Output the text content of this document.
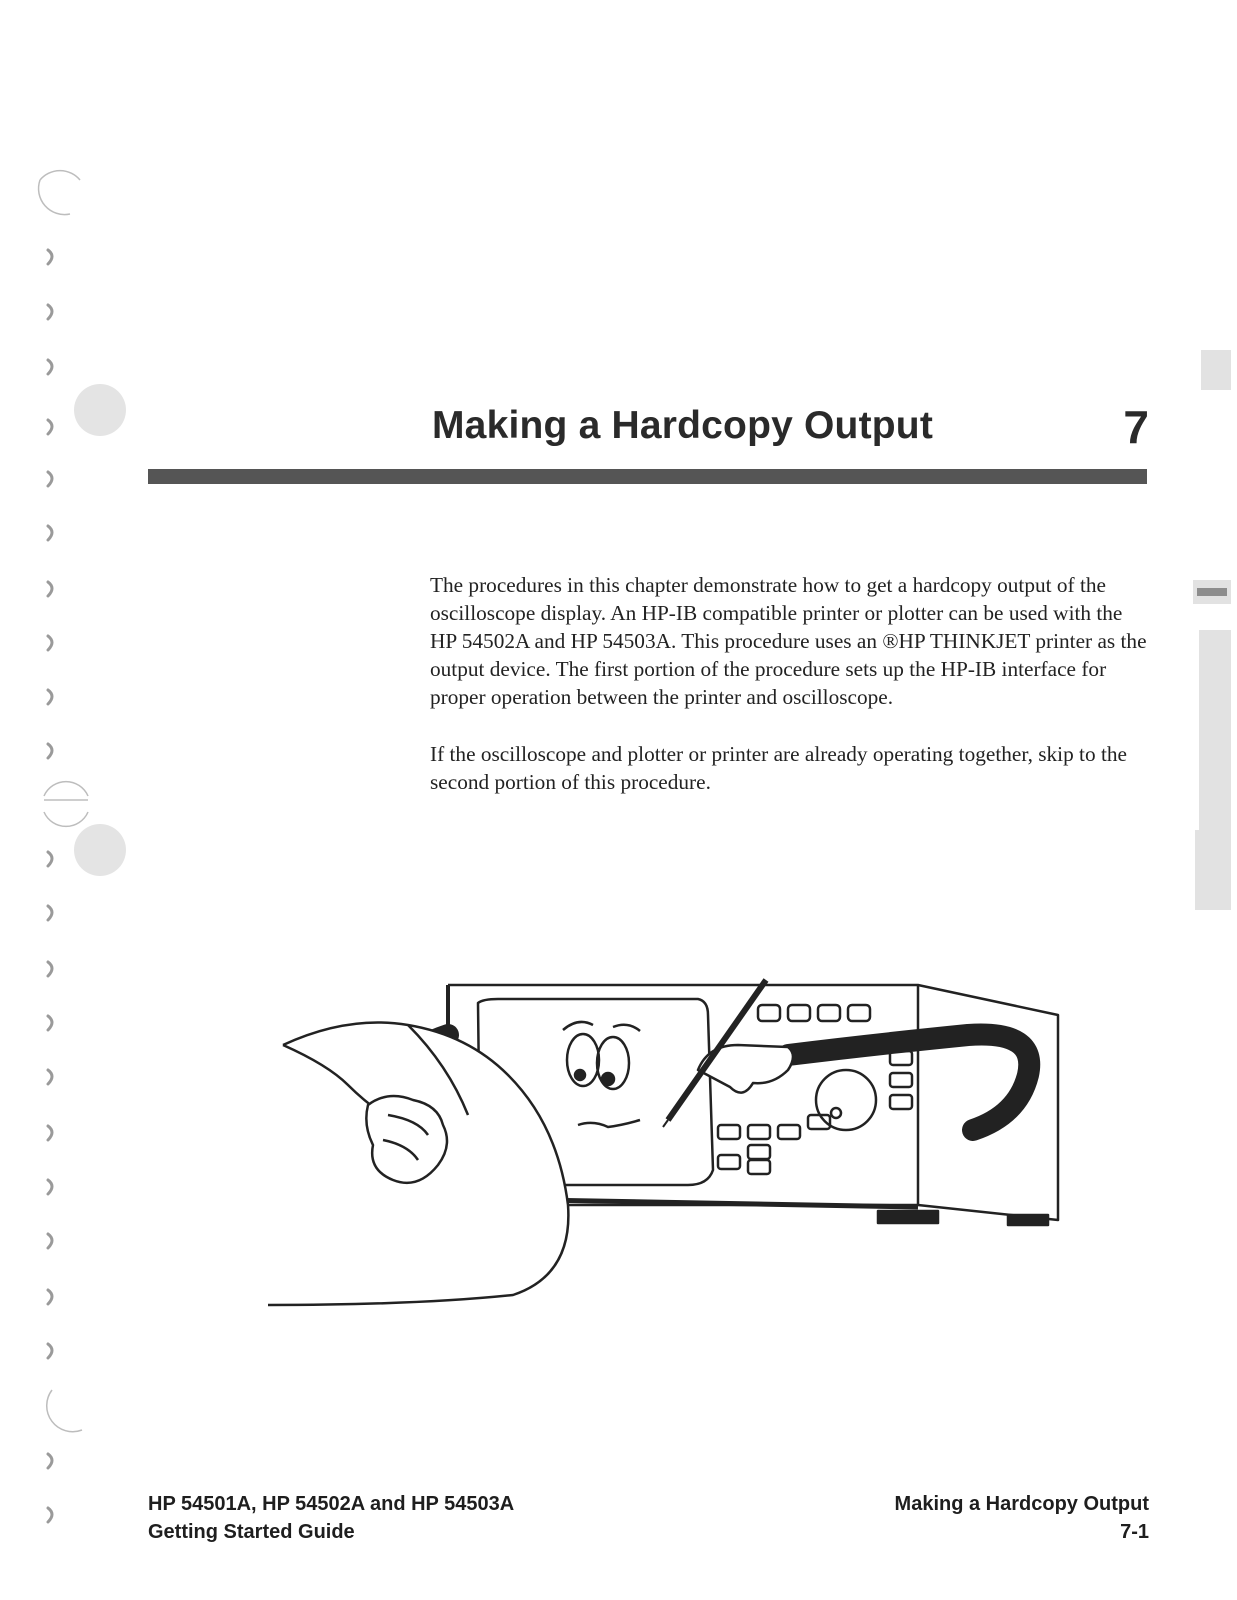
Making a Hardcopy Output	7

The procedures in this chapter demonstrate how to get a hardcopy output of the oscilloscope display. An HP-IB compatible printer or plotter can be used with the HP 54502A and HP 54503A. This procedure uses an ®HP THINKJET printer as the output device. The first portion of the procedure sets up the HP-IB interface for proper operation between the printer and oscilloscope.

If the oscilloscope and plotter or printer are already operating together, skip to the second portion of this procedure.

HP 54501A, HP 54502A and HP 54503A
Getting Started Guide
Making a Hardcopy Output
7-1
